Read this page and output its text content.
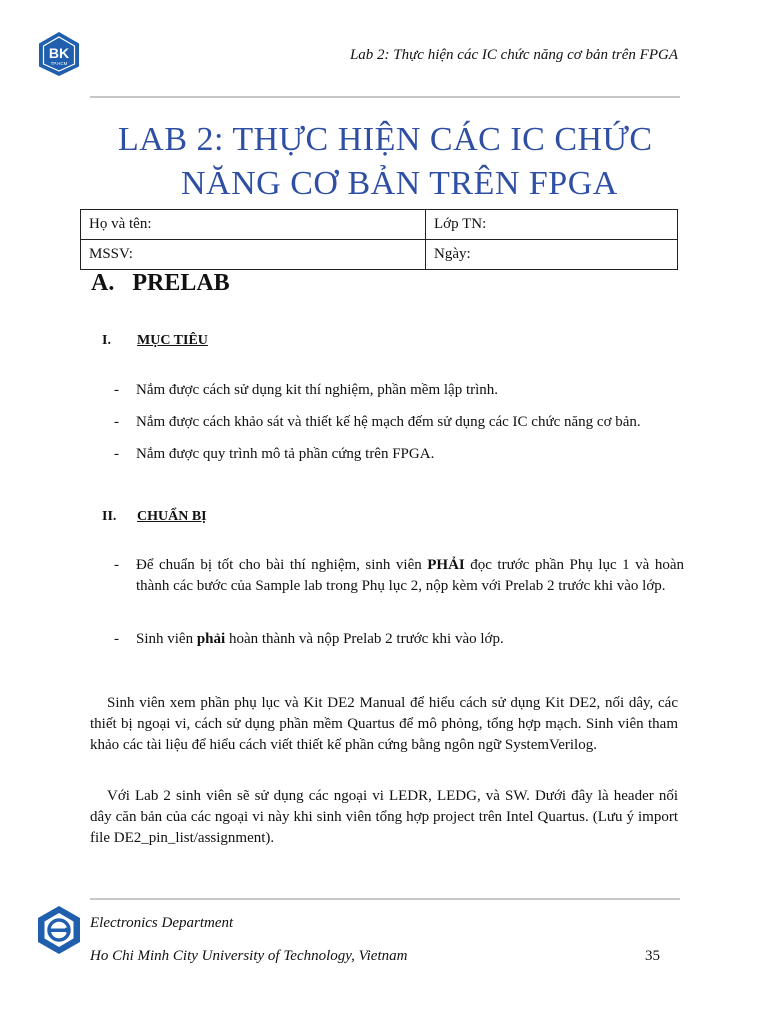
BK
TP.HCM
Lab 2: Thực hiện các IC chức năng cơ bản trên FPGA
LAB 2: THỰC HIỆN CÁC IC CHỨC
NĂNG CƠ BẢN TRÊN FPGA
Họ và tên:	Lớp TN:
MSSV:	Ngày:
A.   PRELAB
I. MỤC TIÊU
- Nắm được cách sử dụng kit thí nghiệm, phần mềm lập trình.
- Nắm được cách khảo sát và thiết kế hệ mạch đếm sử dụng các IC chức năng cơ bản.
- Nắm được quy trình mô tả phần cứng trên FPGA.
II. CHUẨN BỊ
- Để chuẩn bị tốt cho bài thí nghiệm, sinh viên PHẢI đọc trước phần Phụ lục 1 và hoàn thành các bước của Sample lab trong Phụ lục 2, nộp kèm với Prelab 2 trước khi vào lớp.
- Sinh viên phải hoàn thành và nộp Prelab 2 trước khi vào lớp.
Sinh viên xem phần phụ lục và Kit DE2 Manual để hiểu cách sử dụng Kit DE2, nối dây, các thiết bị ngoại vi, cách sử dụng phần mềm Quartus để mô phỏng, tổng hợp mạch. Sinh viên tham khảo các tài liệu để hiểu cách viết thiết kế phần cứng bằng ngôn ngữ SystemVerilog.
Với Lab 2 sinh viên sẽ sử dụng các ngoại vi LEDR, LEDG, và SW. Dưới đây là header nối dây căn bản của các ngoại vi này khi sinh viên tổng hợp project trên Intel Quartus. (Lưu ý import file DE2_pin_list/assignment).
Electronics Department
Ho Chi Minh City University of Technology, Vietnam	35
